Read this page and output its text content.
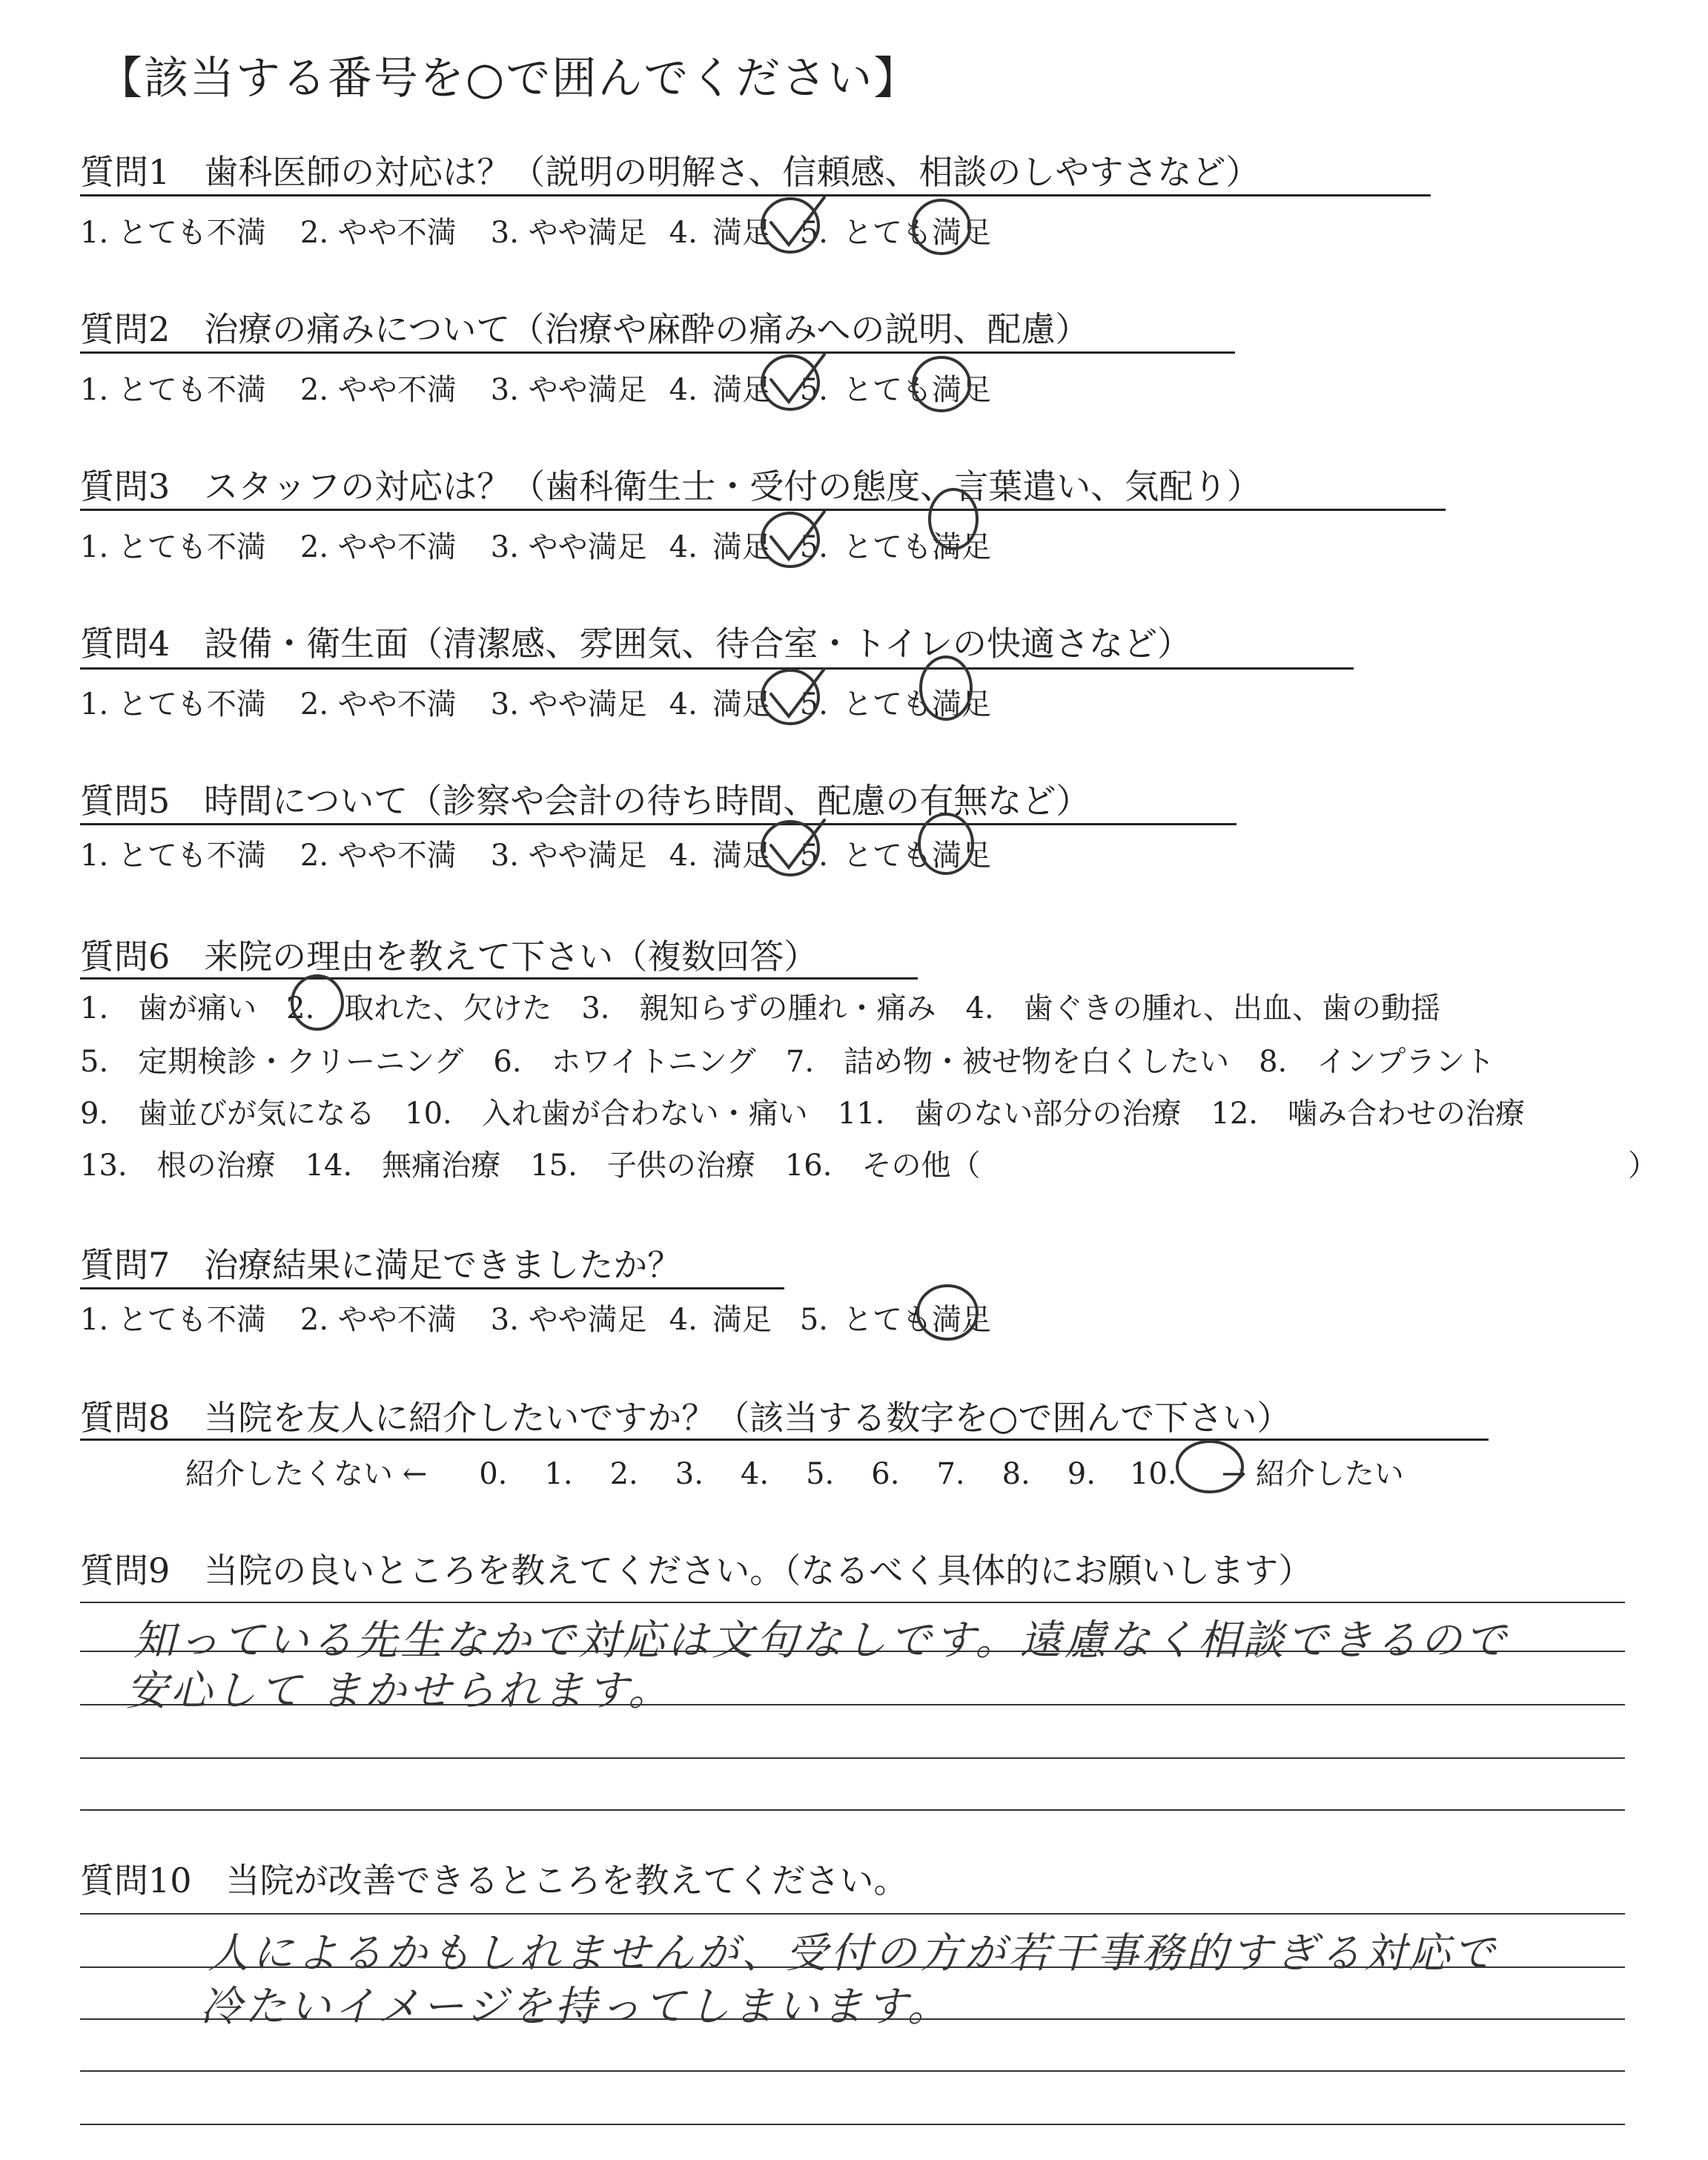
【該当する番号を○で囲んでください】
質問1　歯科医師の対応は？（説明の明解さ、信頼感、相談のしやすさなど）
1. とても不満 2. やや不満 3. やや満足 4. 満足 5. とても満足
質問2　治療の痛みについて（治療や麻酔の痛みへの説明、配慮）
1. とても不満 2. やや不満 3. やや満足 4. 満足 5. とても満足
質問3　スタッフの対応は？（歯科衛生士・受付の態度、言葉遣い、気配り）
1. とても不満 2. やや不満 3. やや満足 4. 満足 5. とても満足
質問4　設備・衛生面（清潔感、雰囲気、待合室・トイレの快適さなど）
1. とても不満 2. やや不満 3. やや満足 4. 満足 5. とても満足
質問5　時間について（診察や会計の待ち時間、配慮の有無など）
1. とても不満 2. やや不満 3. やや満足 4. 満足 5. とても満足
質問6　来院の理由を教えて下さい（複数回答）
1.　歯が痛い　2.　取れた、欠けた　3.　親知らずの腫れ・痛み　4.　歯ぐきの腫れ、出血、歯の動揺
5.　定期検診・クリーニング　6.　ホワイトニング　7.　詰め物・被せ物を白くしたい　8.　インプラント
9.　歯並びが気になる　10.　入れ歯が合わない・痛い　11.　歯のない部分の治療　12.　噛み合わせの治療
13.　根の治療　14.　無痛治療　15.　子供の治療　16.　その他（	）
質問7　治療結果に満足できましたか？
1. とても不満 2. やや不満 3. やや満足 4. 満足 5. とても満足
質問8　当院を友人に紹介したいですか？（該当する数字を○で囲んで下さい）
紹介したくない ← 0. 1. 2. 3. 4. 5. 6. 7. 8. 9. 10. → 紹介したい
質問9　当院の良いところを教えてください。（なるべく具体的にお願いします）
知っている先生なかで対応は文句なしです。遠慮なく相談できるので
安心して まかせられます。
質問10　当院が改善できるところを教えてください。
人によるかもしれませんが、受付の方が若干事務的すぎる対応で
冷たいイメージを持ってしまいます。
